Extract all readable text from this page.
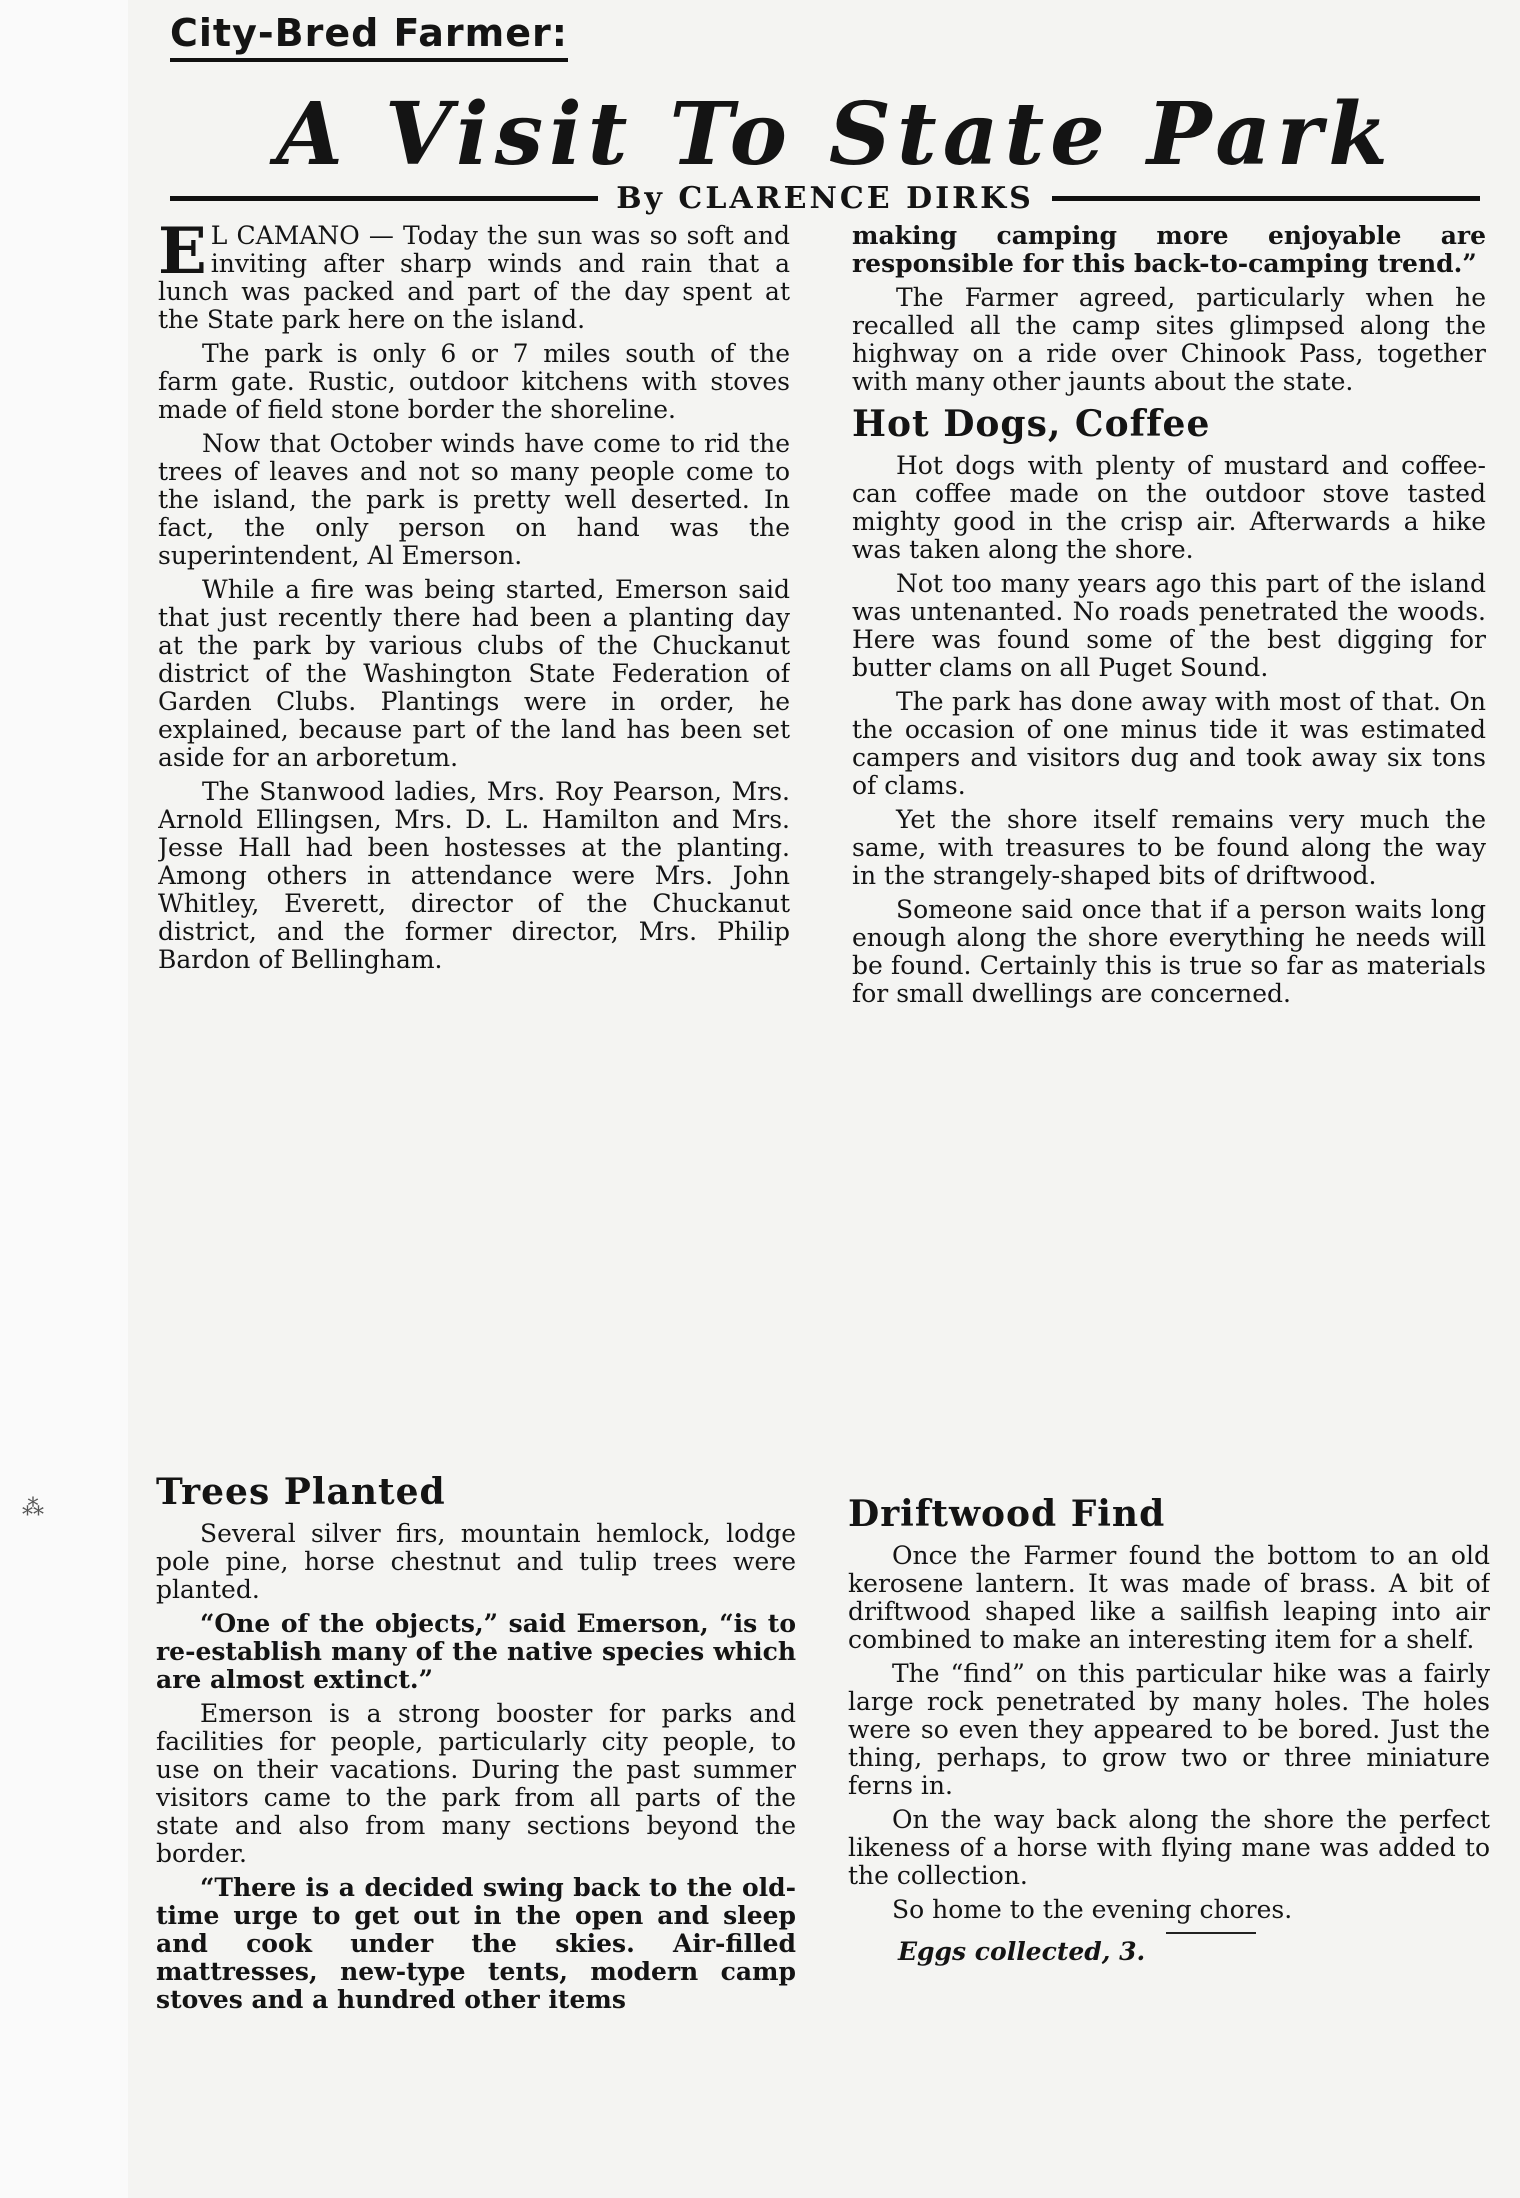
⁂
City-Bred Farmer:
A Visit To State Park
By CLARENCE DIRKS

E L CAMANO — Today the sun was so soft and inviting after sharp winds and rain that a lunch was packed and part of the day spent at the State park here on the island.

The park is only 6 or 7 miles south of the farm gate. Rustic, outdoor kitchens with stoves made of field stone border the shoreline.

Now that October winds have come to rid the trees of leaves and not so many people come to the island, the park is pretty well deserted. In fact, the only person on hand was the superintendent, Al Emerson.

While a fire was being started, Emerson said that just recently there had been a planting day at the park by various clubs of the Chuckanut district of the Washington State Federation of Garden Clubs. Plantings were in order, he explained, because part of the land has been set aside for an arboretum.

The Stanwood ladies, Mrs. Roy Pearson, Mrs. Arnold Ellingsen, Mrs. D. L. Hamilton and Mrs. Jesse Hall had been hostesses at the planting. Among others in attendance were Mrs. John Whitley, Everett, director of the Chuckanut district, and the former director, Mrs. Philip Bardon of Bellingham.

making camping more enjoyable are responsible for this back-to-camping trend.”

The Farmer agreed, particularly when he recalled all the camp sites glimpsed along the highway on a ride over Chinook Pass, together with many other jaunts about the state.

Hot Dogs, Coffee

Hot dogs with plenty of mustard and coffee-can coffee made on the outdoor stove tasted mighty good in the crisp air. Afterwards a hike was taken along the shore.

Not too many years ago this part of the island was untenanted. No roads penetrated the woods. Here was found some of the best digging for butter clams on all Puget Sound.

The park has done away with most of that. On the occasion of one minus tide it was estimated campers and visitors dug and took away six tons of clams.

Yet the shore itself remains very much the same, with treasures to be found along the way in the strangely-shaped bits of driftwood.

Someone said once that if a person waits long enough along the shore everything he needs will be found. Certainly this is true so far as materials for small dwellings are concerned.

Trees Planted

Several silver firs, mountain hemlock, lodge pole pine, horse chestnut and tulip trees were planted.

“One of the objects,” said Emerson, “is to re-establish many of the native species which are almost extinct.”

Emerson is a strong booster for parks and facilities for people, particularly city people, to use on their vacations. During the past summer visitors came to the park from all parts of the state and also from many sections beyond the border.

“There is a decided swing back to the old-time urge to get out in the open and sleep and cook under the skies. Air-filled mattresses, new-type tents, modern camp stoves and a hundred other items

Driftwood Find

Once the Farmer found the bottom to an old kerosene lantern. It was made of brass. A bit of driftwood shaped like a sailfish leaping into air combined to make an interesting item for a shelf.

The “find” on this particular hike was a fairly large rock penetrated by many holes. The holes were so even they appeared to be bored. Just the thing, perhaps, to grow two or three miniature ferns in.

On the way back along the shore the perfect likeness of a horse with flying mane was added to the collection.

So home to the evening chores.

Eggs collected, 3.
